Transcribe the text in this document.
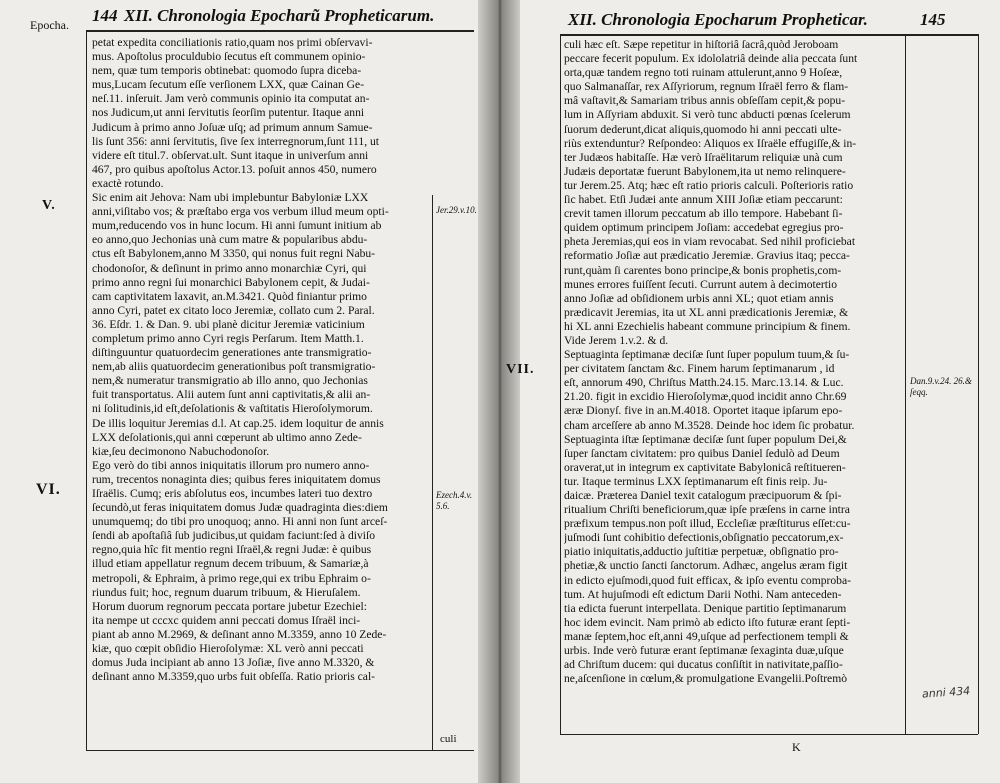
Epocha. 144 XII. Chronologia Epocharũ Propheticarum.
V.
VI.
Jer.29.v.10.
Ezech.4.v. 5.6.
petat expedita conciliationis ratio,quam nos primi obſervavi-
mus. Apoſtolus proculdubio ſecutus eſt communem opinio-
nem, quæ tum temporis obtinebat: quomodo ſupra diceba-
mus,Lucam ſecutum eſſe verſionem LXX, quæ Cainan Ge-
neſ.11. inſeruit. Jam verò communis opinio ita computat an-
nos Judicum,ut anni ſervitutis ſeorſim putentur. Itaque anni
Judicum à primo anno Joſuæ uſq; ad primum annum Samue-
lis ſunt 356: anni ſervitutis, ſive ſex interregnorum,ſunt 111, ut
videre eſt titul.7. obſervat.ult. Sunt itaque in univerſum anni
467, pro quibus apoſtolus Actor.13. poſuit annos 450, numero
exactè rotundo.
Sic enim ait Jehova: Nam ubi implebuntur Babyloniæ LXX
anni,viſitabo vos; & præſtabo erga vos verbum illud meum opti-
mum,reducendo vos in hunc locum. Hi anni ſumunt initium ab
eo anno,quo Jechonias unà cum matre & popularibus abdu-
ctus eſt Babylonem,anno M 3350, qui nonus fuit regni Nabu-
chodonoſor, & deſinunt in primo anno monarchiæ Cyri, qui
primo anno regni ſui monarchici Babylonem cepit, & Judai-
cam captivitatem laxavit, an.M.3421. Quòd finiantur primo
anno Cyri, patet ex citato loco Jeremiæ, collato cum 2. Paral.
36. Eſdr. 1. & Dan. 9. ubi planè dicitur Jeremiæ vaticinium
completum primo anno Cyri regis Perſarum. Item Matth.1.
diſtinguuntur quatuordecim generationes ante transmigratio-
nem,ab aliis quatuordecim generationibus poſt transmigratio-
nem,& numeratur transmigratio ab illo anno, quo Jechonias
fuit transportatus. Alii autem ſunt anni captivitatis,& alii an-
ni ſolitudinis,id eſt,deſolationis & vaſtitatis Hieroſolymorum.
De illis loquitur Jeremias d.l. At cap.25. idem loquitur de annis
LXX deſolationis,qui anni cœperunt ab ultimo anno Zede-
kiæ,ſeu decimonono Nabuchodonoſor.
Ego verò do tibi annos iniquitatis illorum pro numero anno-
rum, trecentos nonaginta dies; quibus feres iniquitatem domus
Iſraëlis. Cumq; eris abſolutus eos, incumbes lateri tuo dextro
ſecundò,ut feras iniquitatem domus Judæ quadraginta dies:diem
unumquemq; do tibi pro unoquoq; anno. Hi anni non ſunt arceſ-
ſendi ab apoſtaſiâ ſub judicibus,ut quidam faciunt:ſed à diviſo
regno,quia hîc fit mentio regni Iſraël,& regni Judæ: è quibus
illud etiam appellatur regnum decem tribuum, & Samariæ,à
metropoli, & Ephraim, à primo rege,qui ex tribu Ephraim o-
riundus fuit; hoc, regnum duarum tribuum, & Hieruſalem.
Horum duorum regnorum peccata portare jubetur Ezechiel:
ita nempe ut cccxc quidem anni peccati domus Iſraël inci-
piant ab anno M.2969, & deſinant anno M.3359, anno 10 Zede-
kiæ, quo cœpit obſidio Hieroſolymæ: XL verò anni peccati
domus Juda incipiant ab anno 13 Joſiæ, ſive anno M.3320, &
deſinant anno M.3359,quo urbs fuit obſeſſa. Ratio prioris cal-
culi
XII. Chronologia Epocharum Propheticar.	145
VII.
Dan.9.v.24. 26.& ſeqq.
culi hæc eſt. Sæpe repetitur in hiſtoriâ ſacrâ,quòd Jeroboam
peccare fecerit populum. Ex idololatriâ deinde alia peccata ſunt
orta,quæ tandem regno toti ruinam attulerunt,anno 9 Hoſeæ,
quo Salmanaſſar, rex Aſſyriorum, regnum Iſraël ferro & flam-
mâ vaſtavit,& Samariam tribus annis obſeſſam cepit,& popu-
lum in Aſſyriam abduxit. Si verò tunc abducti pœnas ſcelerum
ſuorum dederunt,dicat aliquis,quomodo hi anni peccati ulte-
riùs extenduntur? Reſpondeo: Aliquos ex Iſraële effugiſſe,& in-
ter Judæos habitaſſe. Hæ verò Iſraëlitarum reliquiæ unà cum
Judæis deportatæ fuerunt Babylonem,ita ut nemo relinquere-
tur Jerem.25. Atq; hæc eſt ratio prioris calculi. Poſterioris ratio
ſic habet. Etſi Judæi ante annum XIII Joſiæ etiam peccarunt:
crevit tamen illorum peccatum ab illo tempore. Habebant ſi-
quidem optimum principem Joſiam: accedebat egregius pro-
pheta Jeremias,qui eos in viam revocabat. Sed nihil proficiebat
reformatio Joſiæ aut prædicatio Jeremiæ. Gravius itaq; pecca-
runt,quàm ſi carentes bono principe,& bonis prophetis,com-
munes errores fuiſſent ſecuti. Currunt autem à decimotertio
anno Joſiæ ad obſidionem urbis anni XL; quot etiam annis
prædicavit Jeremias, ita ut XL anni prædicationis Jeremiæ, &
hi XL anni Ezechielis habeant commune principium & finem.
Vide Jerem 1.v.2. & d.
Septuaginta ſeptimanæ deciſæ ſunt ſuper populum tuum,& ſu-
per civitatem ſanctam &c. Finem harum ſeptimanarum , id
eſt, annorum 490, Chriſtus Matth.24.15. Marc.13.14. & Luc.
21.20. figit in excidio Hieroſolymæ,quod incidit anno Chr.69
æræ Dionyſ. five in an.M.4018. Oportet itaque ipſarum epo-
cham arceſſere ab anno M.3528. Deinde hoc idem ſic probatur.
Septuaginta iſtæ ſeptimanæ deciſæ ſunt ſuper populum Dei,&
ſuper ſanctam civitatem: pro quibus Daniel ſedulò ad Deum
oraverat,ut in integrum ex captivitate Babylonicâ reſtitueren-
tur. Itaque terminus LXX ſeptimanarum eſt finis reip. Ju-
daicæ. Præterea Daniel texit catalogum præcipuorum & ſpi-
ritualium Chriſti beneficiorum,quæ ipſe præſens in carne intra
præfixum tempus.non poſt illud, Eccleſiæ præſtiturus eſſet:cu-
juſmodi ſunt cohibitio defectionis,obſignatio peccatorum,ex-
piatio iniquitatis,adductio juſtitiæ perpetuæ, obſignatio pro-
phetiæ,& unctio ſancti ſanctorum. Adhæc, angelus æram figit
in edicto ejuſmodi,quod fuit efficax, & ipſo eventu comproba-
tum. At hujuſmodi eſt edictum Darii Nothi. Nam anteceden-
tia edicta fuerunt interpellata. Denique partitio ſeptimanarum
hoc idem evincit. Nam primò ab edicto iſto futuræ erant ſepti-
manæ ſeptem,hoc eſt,anni 49,uſque ad perfectionem templi &
urbis. Inde verò futuræ erant ſeptimanæ ſexaginta duæ,uſque
ad Chriſtum ducem: qui ducatus conſiſtit in nativitate,paſſio-
ne,aſcenſione in cœlum,& promulgatione Evangelii.Poſtremò
K
anni 434
